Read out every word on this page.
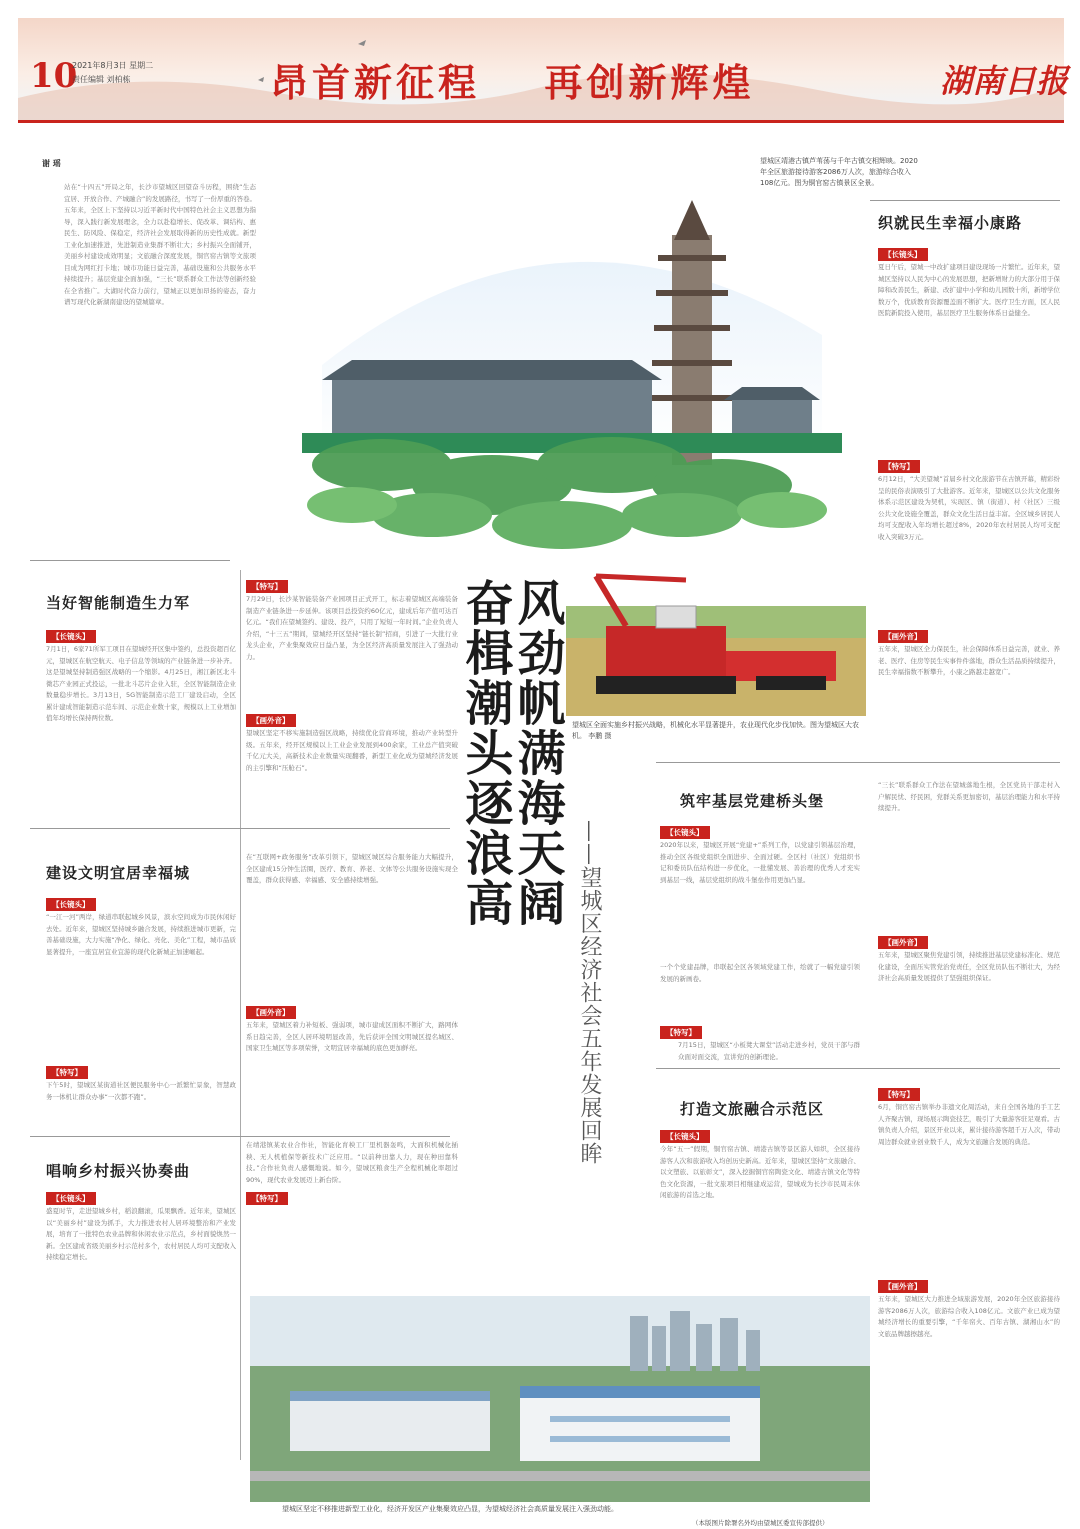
10
2021年8月3日 星期二
责任编辑 刘柏栋	昂首新征程 再创新辉煌	湖南日报
谢 瑶
站在“十四五”开局之年，长沙市望城区回望奋斗历程，围绕“生态宜居、开放合作、产城融合”的发展路径，书写了一份厚重的答卷。五年来，全区上下坚持以习近平新时代中国特色社会主义思想为指导，深入践行新发展理念，全力以赴稳增长、促改革、调结构、惠民生、防风险、保稳定，经济社会发展取得新的历史性成就。新型工业化加速推进，先进制造业集群不断壮大；乡村振兴全面铺开，美丽乡村建设成效明显；文旅融合深度发展，铜官窑古镇等文旅项目成为网红打卡地；城市功能日益完善，基础设施和公共服务水平持续提升；基层党建全面加强，“三长”联系群众工作法等创新经验在全省推广。大湖时代奋力前行，望城正以更加昂扬的姿态，奋力谱写现代化新湖南建设的望城篇章。
望城区靖港古镇芦苇荡与千年古镇交相辉映。2020年全区旅游接待游客2086万人次，旅游综合收入108亿元。图为铜官窑古镇景区全景。
织就民生幸福小康路
【长镜头】
夏日午后，望城一中改扩建项目建设现场一片繁忙。近年来，望城区坚持以人民为中心的发展思想，把新增财力的大部分用于保障和改善民生，新建、改扩建中小学和幼儿园数十所，新增学位数万个，优质教育资源覆盖面不断扩大。医疗卫生方面，区人民医院新院投入使用，基层医疗卫生服务体系日益健全。
【特写】
6月12日，“大美望城”首届乡村文化旅游节在古镇开幕，精彩纷呈的民俗表演吸引了大批游客。近年来，望城区以公共文化服务体系示范区建设为契机，实现区、镇（街道）、村（社区）三级公共文化设施全覆盖，群众文化生活日益丰富。全区城乡居民人均可支配收入年均增长超过8%，2020年农村居民人均可支配收入突破3万元。
【画外音】
五年来，望城区全力保民生，社会保障体系日益完善，就业、养老、医疗、住房等民生实事件件落地，群众生活品质持续提升，民生幸福指数不断攀升，小康之路越走越宽广。
当好智能制造生力军
【长镜头】
7月1日，6家71所军工项目在望城经开区集中签约，总投资超百亿元，望城区在航空航天、电子信息等领域的产业链条进一步补齐。这是望城坚持制造强区战略的一个缩影。4月25日，湘江新区北斗微芯产业园正式投运，一批北斗芯片企业入驻，全区智能制造企业数量稳步增长。3月13日，5G智能制造示范工厂建设启动，全区累计建成智能制造示范车间、示范企业数十家，规模以上工业增加值年均增长保持两位数。
【特写】
7月29日，长沙某智能装备产业园项目正式开工，标志着望城区高端装备制造产业链条进一步延伸。该项目总投资约60亿元，建成后年产值可达百亿元。“我们在望城签约、建设、投产，只用了短短一年时间。”企业负责人介绍，“十三五”期间，望城经开区坚持“链长制”招商，引进了一大批行业龙头企业，产业集聚效应日益凸显，为全区经济高质量发展注入了强劲动力。
【画外音】
望城区坚定不移实施制造强区战略，持续优化营商环境，推动产业转型升级。五年来，经开区规模以上工业企业发展到400余家，工业总产值突破千亿元大关，高新技术企业数量实现翻番，新型工业化成为望城经济发展的主引擎和“压舱石”。	风劲帆满海天阔
奋楫潮头逐浪高
——望城区经济社会五年发展回眸
望城区全面实施乡村振兴战略，机械化水平显著提升，农业现代化步伐加快。图为望城区大农机。 李鹏 摄
建设文明宜居幸福城
【长镜头】
“一江一河”两岸，绿道串联起城乡风景，滨水空间成为市民休闲好去处。近年来，望城区坚持城乡融合发展，持续推进城市更新，完善基础设施，大力实施“净化、绿化、亮化、美化”工程，城市品质显著提升，一座宜居宜业宜游的现代化新城正加速崛起。
【特写】
下午5时，望城区某街道社区便民服务中心一派繁忙景象，智慧政务一体机让群众办事“一次都不跑”。
在“互联网+政务服务”改革引领下，望城区城区综合服务能力大幅提升，全区建成15分钟生活圈，医疗、教育、养老、文体等公共服务设施实现全覆盖，群众获得感、幸福感、安全感持续增强。
【画外音】
五年来，望城区着力补短板、强弱项，城市建成区面积不断扩大，路网体系日趋完善，全区人居环境明显改善，先后获评全国文明城区提名城区、国家卫生城区等多项荣誉，文明宜居幸福城的底色更加鲜亮。
唱响乡村振兴协奏曲
【长镜头】
盛夏时节，走进望城乡村，稻浪翻滚，瓜果飘香。近年来，望城区以“美丽乡村”建设为抓手，大力推进农村人居环境整治和产业发展，培育了一批特色农业品牌和休闲农业示范点，乡村面貌焕然一新。全区建成省级美丽乡村示范村多个，农村居民人均可支配收入持续稳定增长。
【特写】
在靖港镇某农业合作社，智能化育秧工厂里机器轰鸣，大面积机械化插秧、无人机植保等新技术广泛应用。“以前种田靠人力，现在种田靠科技。”合作社负责人感慨地说。如今，望城区粮食生产全程机械化率超过90%，现代农业发展迈上新台阶。
筑牢基层党建桥头堡
【长镜头】
2020年以来，望城区开展“党建+”系列工作，以党建引领基层治理，推动全区各级党组织全面进步、全面过硬。全区村（社区）党组织书记和委员队伍结构进一步优化，一批懂发展、善治理的优秀人才充实到基层一线，基层党组织的战斗堡垒作用更加凸显。
一个个党建品牌，串联起全区各领域党建工作，绘就了一幅党建引领发展的新画卷。
【特写】
7月15日，望城区“小板凳大课堂”活动走进乡村，党员干部与群众面对面交流，宣讲党的创新理论。
“三长”联系群众工作法在望城落地生根，全区党员干部走村入户解民忧、纾民困，党群关系更加密切，基层治理能力和水平持续提升。
【画外音】
五年来，望城区聚焦党建引领，持续推进基层党建标准化、规范化建设，全面压实管党治党责任，全区党员队伍不断壮大，为经济社会高质量发展提供了坚强组织保证。
打造文旅融合示范区
【长镜头】
今年“五一”假期，铜官窑古镇、靖港古镇等景区游人如织，全区接待游客人次和旅游收入均创历史新高。近年来，望城区坚持“文旅融合、以文塑旅、以旅彰文”，深入挖掘铜官窑陶瓷文化、靖港古镇文化等特色文化资源，一批文旅项目相继建成运营，望城成为长沙市民周末休闲旅游的首选之地。
【特写】
6月，铜官窑古镇举办非遗文化周活动，来自全国各地的手工艺人齐聚古镇，现场展示陶瓷技艺，吸引了大量游客驻足观看。古镇负责人介绍，景区开业以来，累计接待游客超千万人次，带动周边群众就业创业数千人，成为文旅融合发展的典范。
【画外音】
五年来，望城区大力推进全域旅游发展，2020年全区旅游接待游客2086万人次，旅游综合收入108亿元。文旅产业已成为望城经济增长的重要引擎，“千年窑火、百年古镇、湖湘山水”的文旅品牌越擦越亮。
望城区坚定不移推进新型工业化，经济开发区产业集聚效应凸显，为望城经济社会高质量发展注入强劲动能。
（本版图片除署名外均由望城区委宣传部提供）
